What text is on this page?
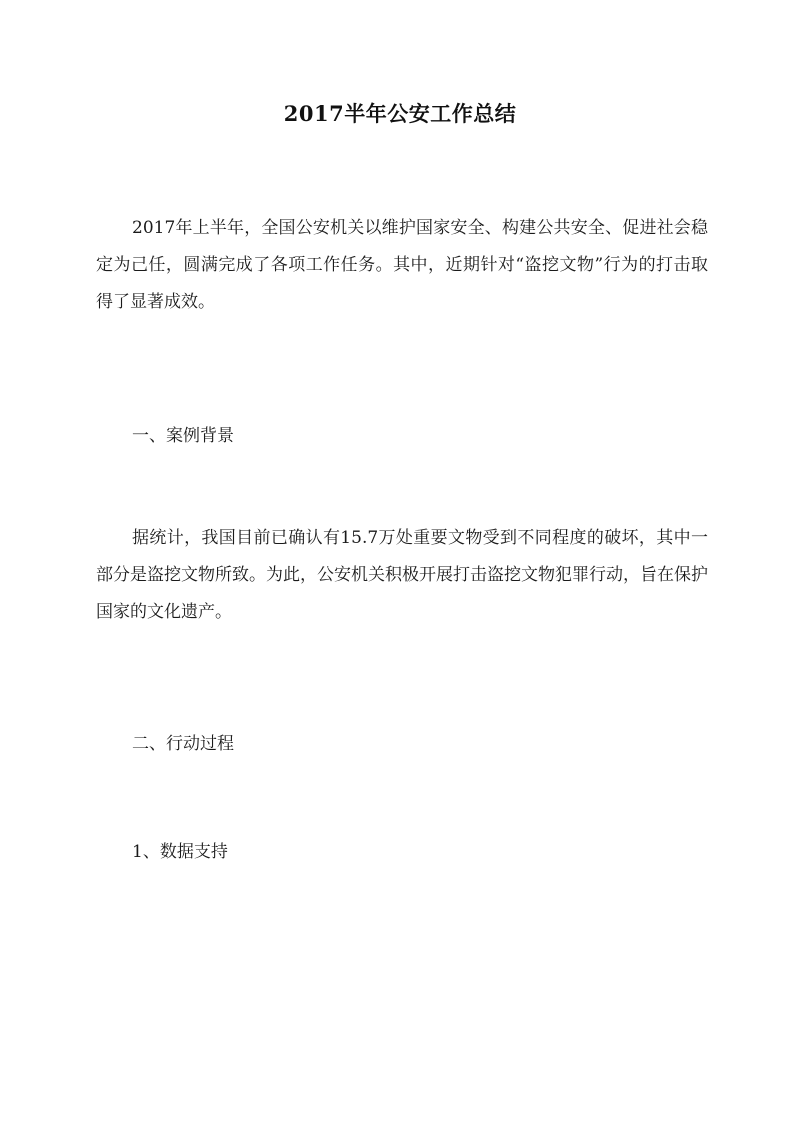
2017半年公安工作总结

2017年上半年，全国公安机关以维护国家安全、构建公共安全、促进社会稳定为己任，圆满完成了各项工作任务。其中，近期针对“盗挖文物”行为的打击取得了显著成效。

一、案例背景

据统计，我国目前已确认有15.7万处重要文物受到不同程度的破坏，其中一部分是盗挖文物所致。为此，公安机关积极开展打击盗挖文物犯罪行动，旨在保护国家的文化遗产。

二、行动过程

1、数据支持
